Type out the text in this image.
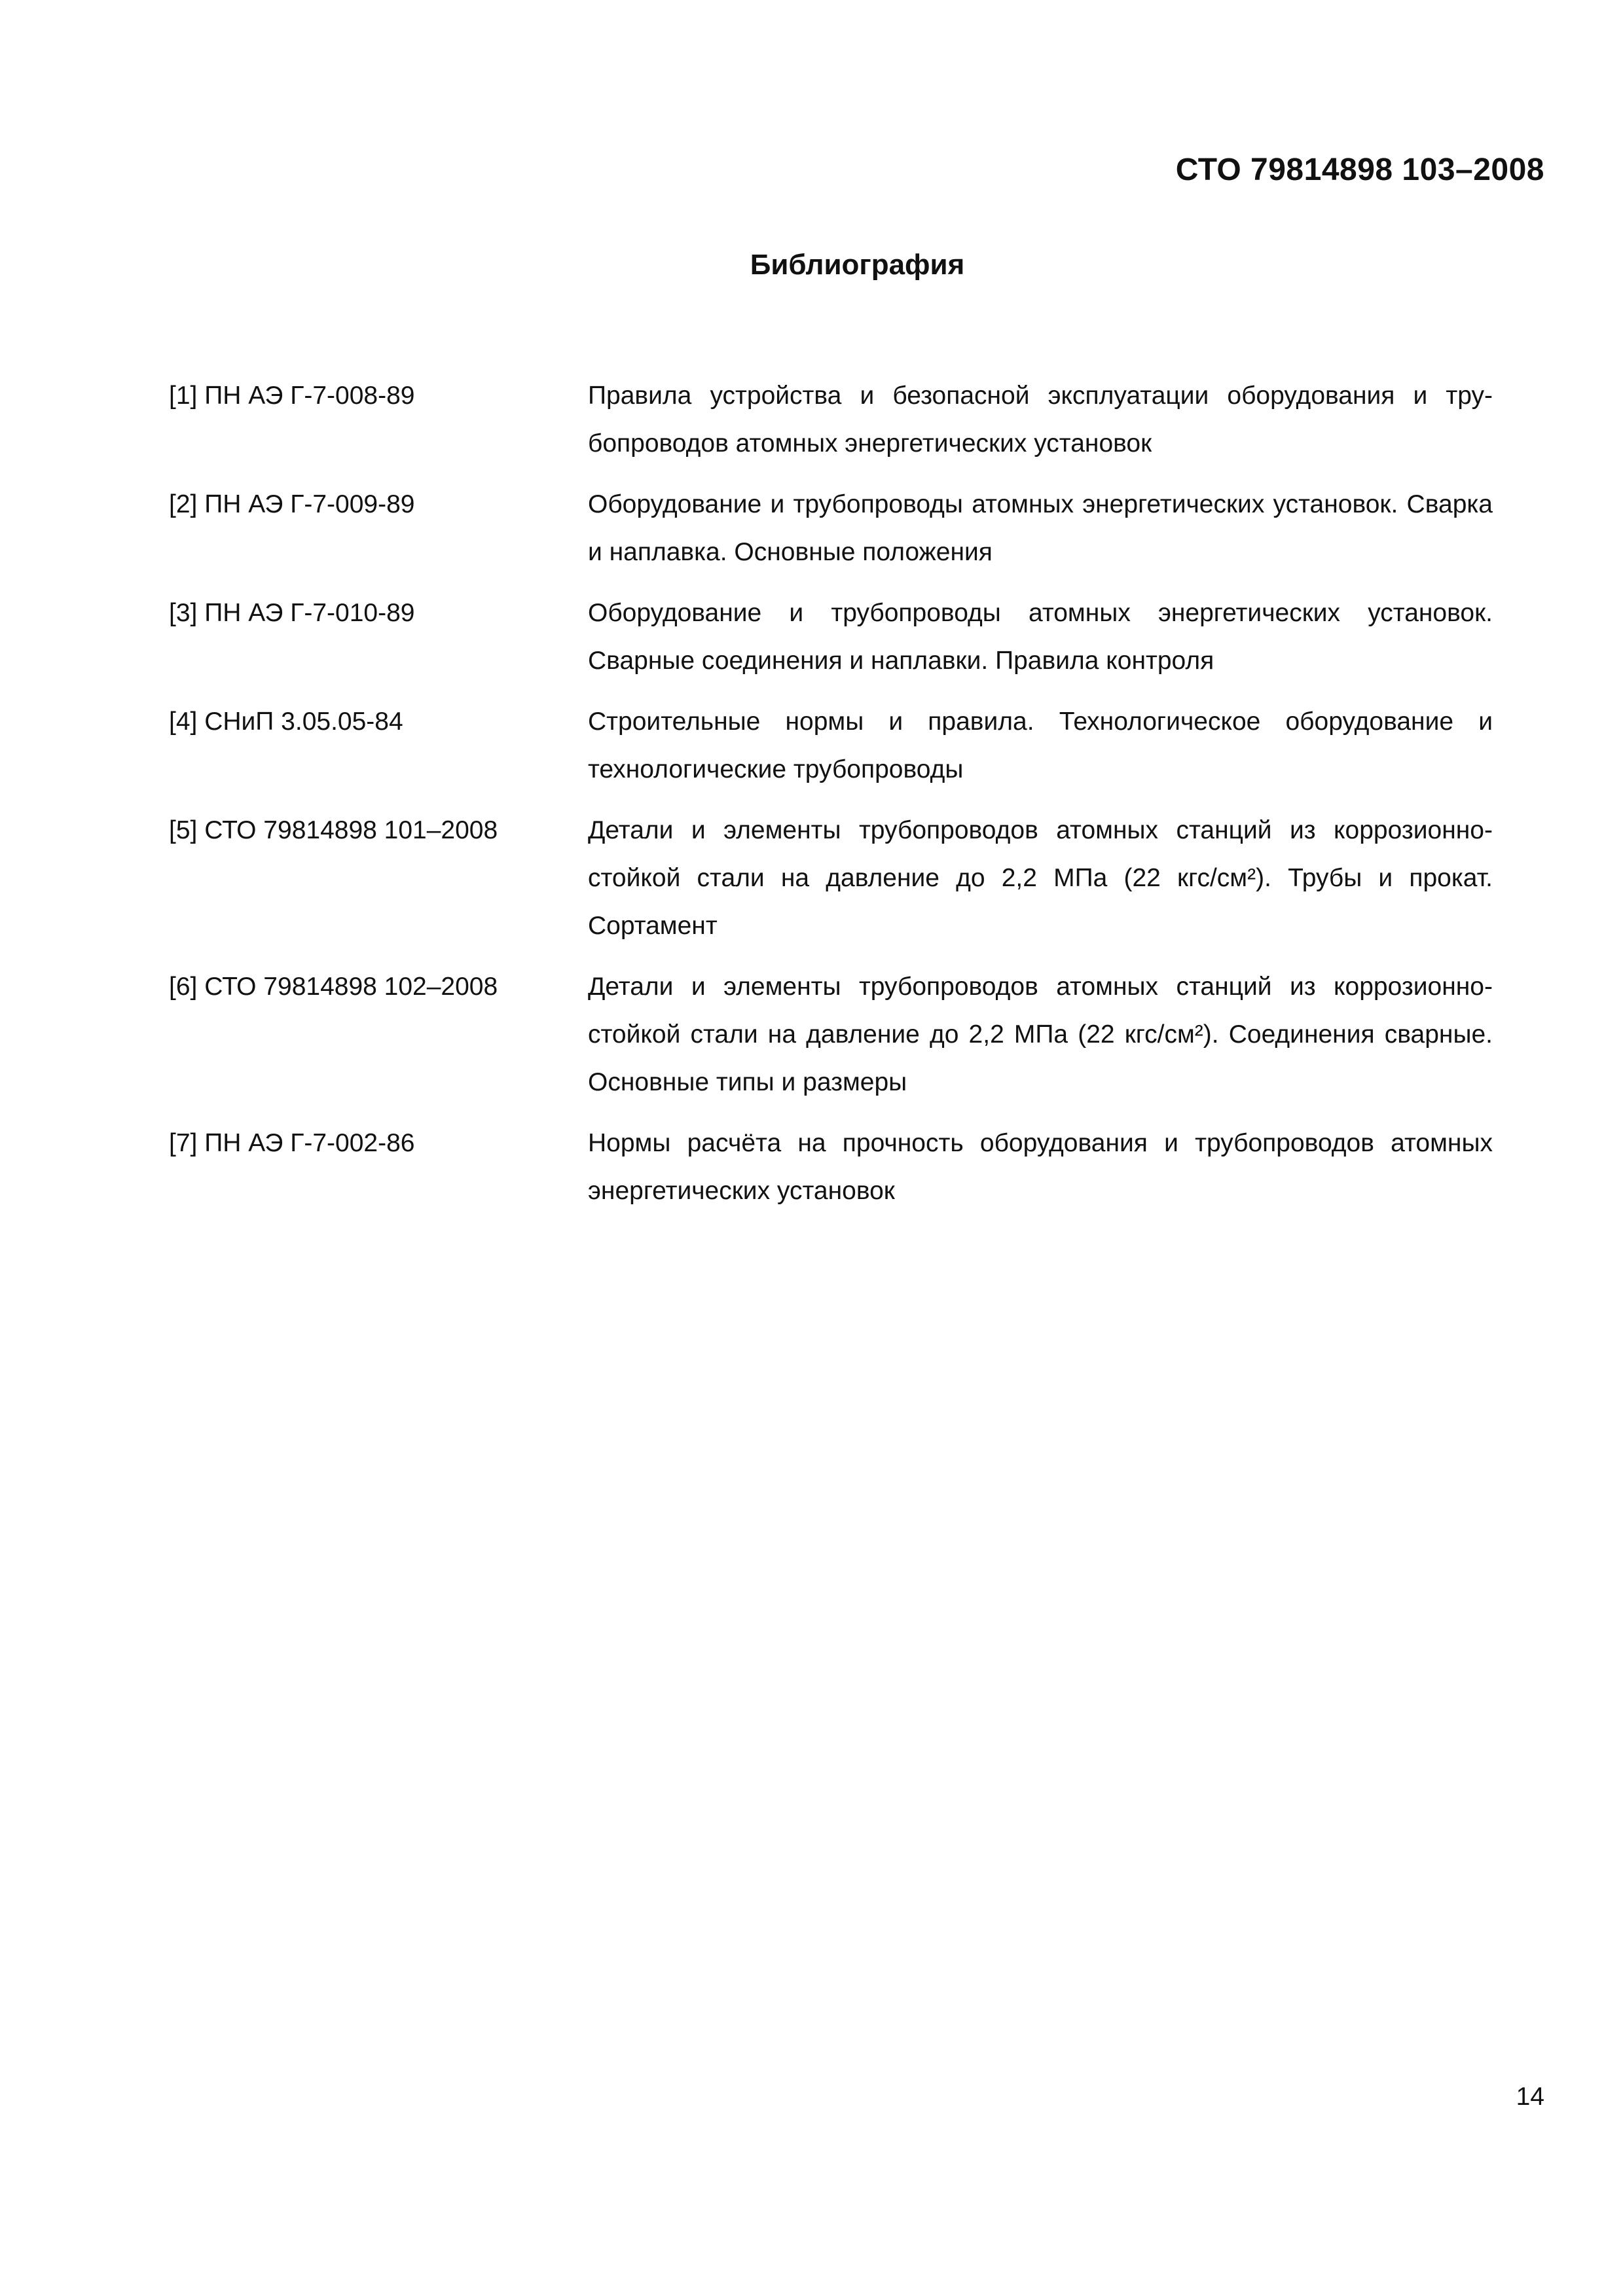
СТО 79814898 103–2008
Библиография
[1] ПН АЭ Г-7-008-89	Правила устройства и безопасной эксплуатации оборудования и трубопроводов атомных энергетических установок
[2] ПН АЭ Г-7-009-89	Оборудование и трубопроводы атомных энергетических установок. Сварка и наплавка. Основные положения
[3] ПН АЭ Г-7-010-89	Оборудование и трубопроводы атомных энергетических установок. Сварные соединения и наплавки. Правила контроля
[4] СНиП 3.05.05-84	Строительные нормы и правила. Технологическое оборудование и технологические трубопроводы
[5] СТО 79814898 101–2008	Детали и элементы трубопроводов атомных станций из коррозионностойкой стали на давление до 2,2 МПа (22 кгс/см²). Трубы и прокат. Сортамент
[6] СТО 79814898 102–2008	Детали и элементы трубопроводов атомных станций из коррозионностойкой стали на давление до 2,2 МПа (22 кгс/см²). Соединения сварные. Основные типы и размеры
[7] ПН АЭ Г-7-002-86	Нормы расчёта на прочность оборудования и трубопроводов атомных энергетических установок
14
